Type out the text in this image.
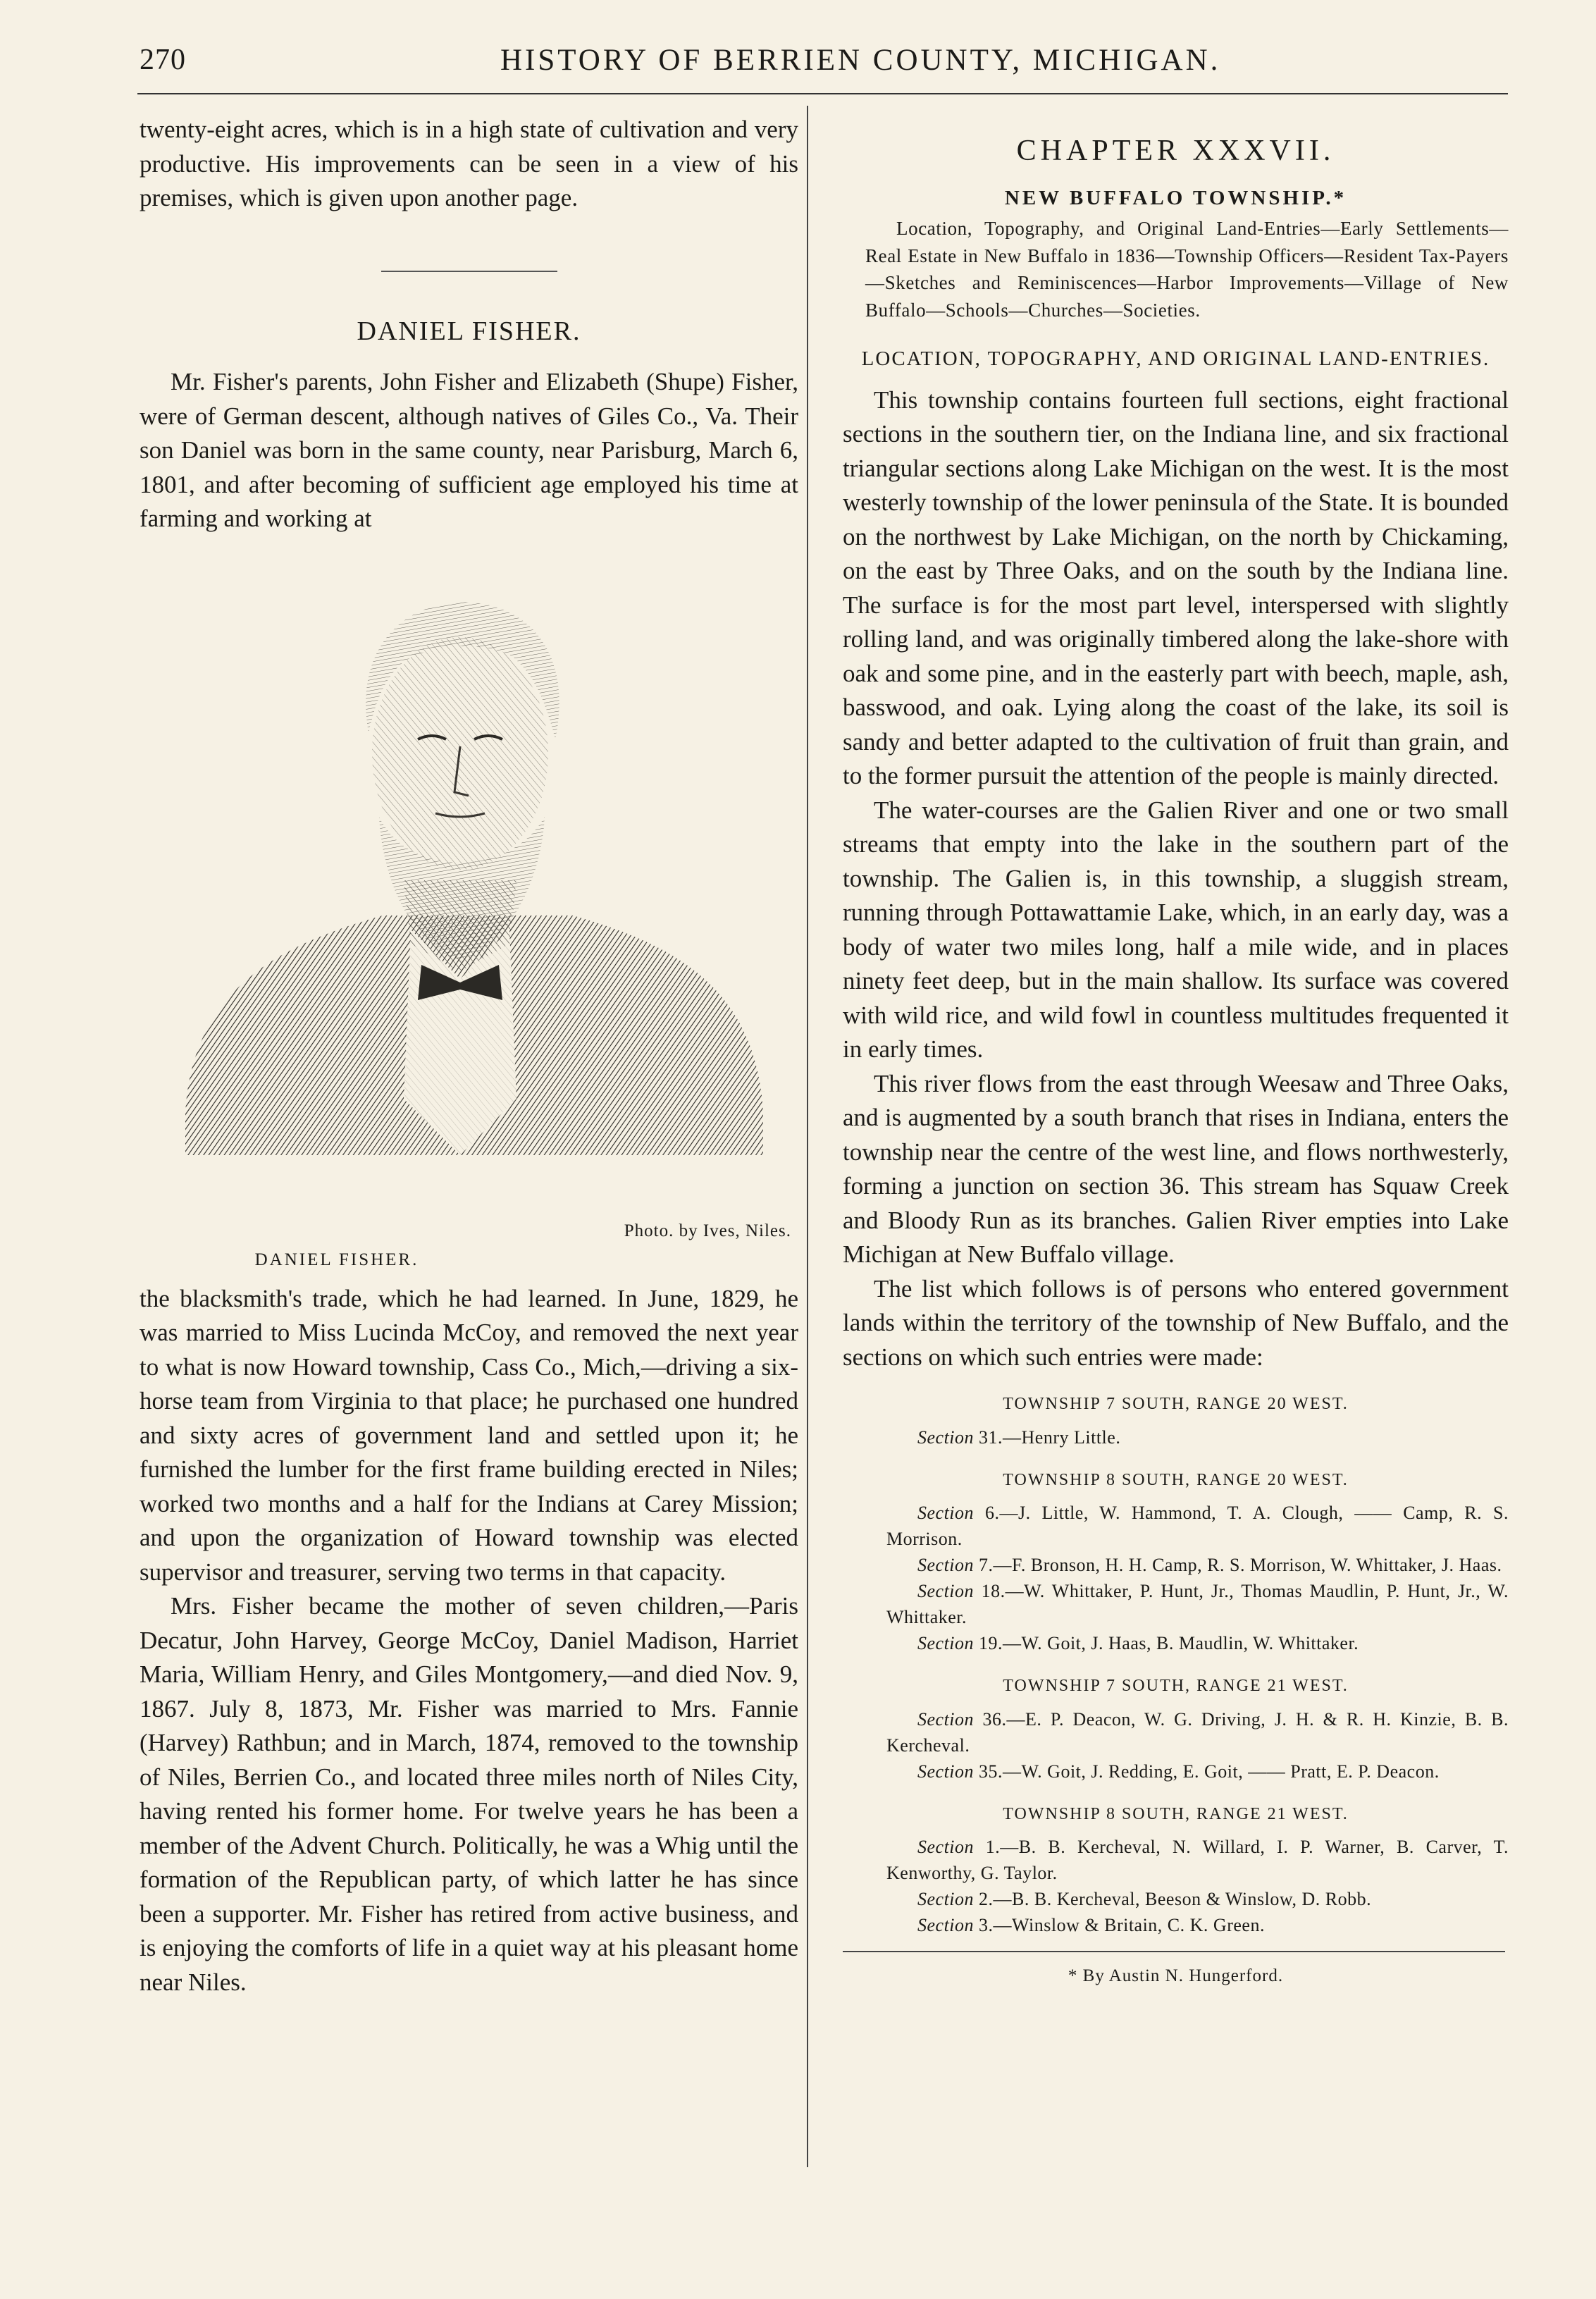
270	HISTORY OF BERRIEN COUNTY, MICHIGAN.

twenty-eight acres, which is in a high state of cultivation and very productive. His improvements can be seen in a view of his premises, which is given upon another page.

DANIEL FISHER.

Mr. Fisher's parents, John Fisher and Elizabeth (Shupe) Fisher, were of German descent, although natives of Giles Co., Va. Their son Daniel was born in the same county, near Parisburg, March 6, 1801, and after becoming of sufficient age employed his time at farming and working at

Photo. by Ives, Niles.
DANIEL FISHER.

the blacksmith's trade, which he had learned. In June, 1829, he was married to Miss Lucinda McCoy, and removed the next year to what is now Howard township, Cass Co., Mich,—driving a six-horse team from Virginia to that place; he purchased one hundred and sixty acres of government land and settled upon it; he furnished the lumber for the first frame building erected in Niles; worked two months and a half for the Indians at Carey Mission; and upon the organization of Howard township was elected supervisor and treasurer, serving two terms in that capacity.

Mrs. Fisher became the mother of seven children,—Paris Decatur, John Harvey, George McCoy, Daniel Madison, Harriet Maria, William Henry, and Giles Montgomery,—and died Nov. 9, 1867. July 8, 1873, Mr. Fisher was married to Mrs. Fannie (Harvey) Rathbun; and in March, 1874, removed to the township of Niles, Berrien Co., and located three miles north of Niles City, having rented his former home. For twelve years he has been a member of the Advent Church. Politically, he was a Whig until the formation of the Republican party, of which latter he has since been a supporter. Mr. Fisher has retired from active business, and is enjoying the comforts of life in a quiet way at his pleasant home near Niles.

CHAPTER XXXVII.
NEW BUFFALO TOWNSHIP.*

Location, Topography, and Original Land-Entries—Early Settlements—Real Estate in New Buffalo in 1836—Township Officers—Resident Tax-Payers—Sketches and Reminiscences—Harbor Improvements—Village of New Buffalo—Schools—Churches—Societies.

LOCATION, TOPOGRAPHY, AND ORIGINAL LAND-ENTRIES.

This township contains fourteen full sections, eight fractional sections in the southern tier, on the Indiana line, and six fractional triangular sections along Lake Michigan on the west. It is the most westerly township of the lower peninsula of the State. It is bounded on the northwest by Lake Michigan, on the north by Chickaming, on the east by Three Oaks, and on the south by the Indiana line. The surface is for the most part level, interspersed with slightly rolling land, and was originally timbered along the lake-shore with oak and some pine, and in the easterly part with beech, maple, ash, basswood, and oak. Lying along the coast of the lake, its soil is sandy and better adapted to the cultivation of fruit than grain, and to the former pursuit the attention of the people is mainly directed.

The water-courses are the Galien River and one or two small streams that empty into the lake in the southern part of the township. The Galien is, in this township, a sluggish stream, running through Pottawattamie Lake, which, in an early day, was a body of water two miles long, half a mile wide, and in places ninety feet deep, but in the main shallow. Its surface was covered with wild rice, and wild fowl in countless multitudes frequented it in early times.

This river flows from the east through Weesaw and Three Oaks, and is augmented by a south branch that rises in Indiana, enters the township near the centre of the west line, and flows northwesterly, forming a junction on section 36. This stream has Squaw Creek and Bloody Run as its branches. Galien River empties into Lake Michigan at New Buffalo village.

The list which follows is of persons who entered government lands within the territory of the township of New Buffalo, and the sections on which such entries were made:

TOWNSHIP 7 SOUTH, RANGE 20 WEST.

Section 31.—Henry Little.

TOWNSHIP 8 SOUTH, RANGE 20 WEST.

Section 6.—J. Little, W. Hammond, T. A. Clough, —— Camp, R. S. Morrison.

Section 7.—F. Bronson, H. H. Camp, R. S. Morrison, W. Whittaker, J. Haas.

Section 18.—W. Whittaker, P. Hunt, Jr., Thomas Maudlin, P. Hunt, Jr., W. Whittaker.

Section 19.—W. Goit, J. Haas, B. Maudlin, W. Whittaker.

TOWNSHIP 7 SOUTH, RANGE 21 WEST.

Section 36.—E. P. Deacon, W. G. Driving, J. H. & R. H. Kinzie, B. B. Kercheval.

Section 35.—W. Goit, J. Redding, E. Goit, —— Pratt, E. P. Deacon.

TOWNSHIP 8 SOUTH, RANGE 21 WEST.

Section 1.—B. B. Kercheval, N. Willard, I. P. Warner, B. Carver, T. Kenworthy, G. Taylor.

Section 2.—B. B. Kercheval, Beeson & Winslow, D. Robb.

Section 3.—Winslow & Britain, C. K. Green.

* By Austin N. Hungerford.
